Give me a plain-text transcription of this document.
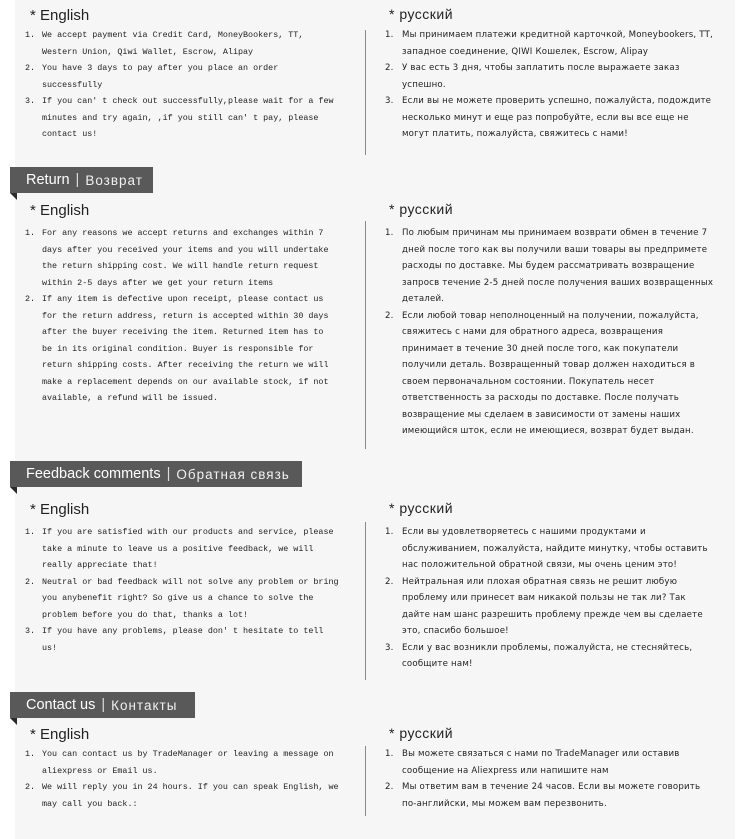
* English	* русский
1. We accept payment via Credit Card, MoneyBookers, TT, Western Union, Qiwi Wallet, Escrow, Alipay
2. You have 3 days to pay after you place an order successfully
3. If you can' t check out successfully,please wait for a few minutes and try again, ,if you still can' t pay, please contact us!
1. Мы принимаем платежи кредитной карточкой, Moneybookers, TT, западное соединение, QIWI Кошелек, Escrow, Alipay
2. У вас есть 3 дня, чтобы заплатить после выражаете заказ успешно.
3. Если вы не можете проверить успешно, пожалуйста, подождите несколько минут и еще раз попробуйте, если вы все еще не могут платить, пожалуйста, свяжитесь с нами!
Return | Возврат
* English	* русский
1. For any reasons we accept returns and exchanges within 7 days after you received your items and you will undertake the return shipping cost. We will handle return request within 2-5 days after we get your return items
2. If any item is defective upon receipt, please contact us for the return address, return is accepted within 30 days after the buyer receiving the item. Returned item has to be in its original condition. Buyer is responsible for return shipping costs. After receiving the return we will make a replacement depends on our available stock, if not available, a refund will be issued.
1. По любым причинам мы принимаем возврати обмен в течение 7 дней после того как вы получили ваши товары вы предприметe расходы по доставке. Мы будем рассматривать возвращение запросв течение 2-5 дней после получения ваших возвращенных деталей.
2. Если любой товар неполноценный на получении, пожалуйста, свяжитесь с нами для обратного адреса, возвращения принимает в течение 30 дней после того, как покупатели получили деталь. Возвращенный товар должен находиться в своем первоначальном состоянии. Покупатель несет ответственность за расходы по доставке. После получать возвращение мы сделаем в зависимости от замены наших имеющийся шток, если не имеющиеся, возврат будет выдан.
Feedback comments | Обратная связь
* English	* русский
1. If you are satisfied with our products and service, please take a minute to leave us a positive feedback, we will really appreciate that!
2. Neutral or bad feedback will not solve any problem or bring you anybenefit right? So give us a chance to solve the problem before you do that, thanks a lot!
3. If you have any problems, please don' t hesitate to tell us!
1. Если вы удовлетворяетесь с нашими продуктами и обслуживанием, пожалуйста, найдите минутку, чтобы оставить нас положительной обратной связи, мы очень ценим это!
2. Нейтральная или плохая обратная связь не решит любую проблему или принесет вам никакой пользы не так ли? Так дайте нам шанс разрешить проблему прежде чем вы сделаете это, спасибо большое!
3. Если у вас возникли проблемы, пожалуйста, не стесняйтесь, сообщите нам!
Contact us | Контакты
* English	* русский
1. You can contact us by TradeManager or leaving a message on aliexpress or Email us.
2. We will reply you in 24 hours. If you can speak English, we may call you back.:
1. Вы можете связаться с нами по TradeManager или оставив сообщение на Aliexpress или напишите нам
2. Мы ответим вам в течение 24 часов. Если вы можете говорить по-английски, мы можем вам перезвонить.
